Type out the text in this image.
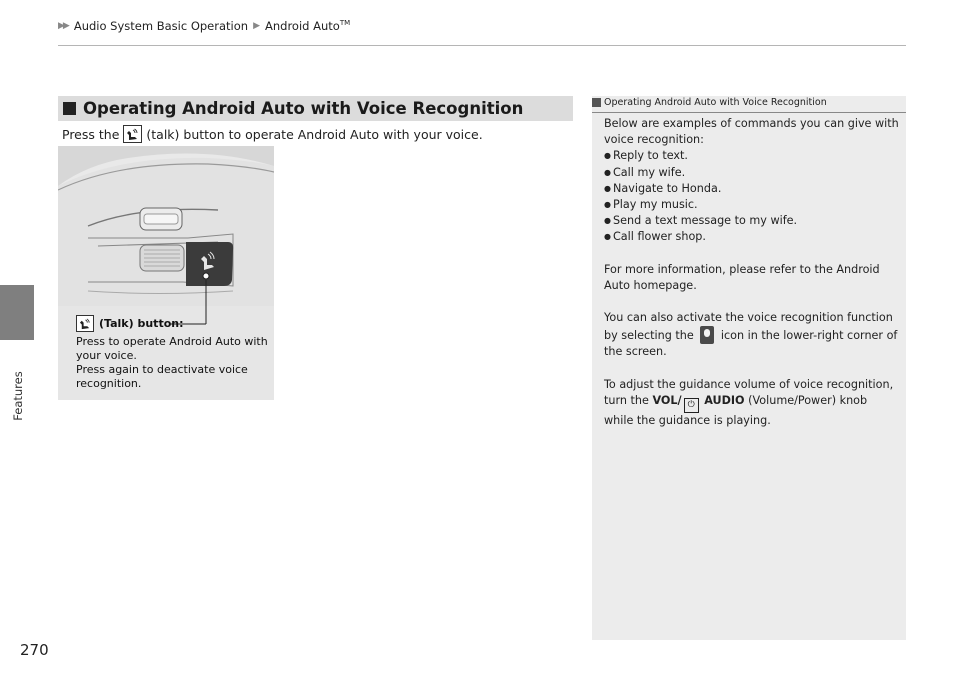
▶▶ Audio System Basic Operation ▶ Android Auto™
Features
270
Operating Android Auto with Voice Recognition
Press the (talk) button to operate Android Auto with your voice.
(Talk) button:

Press to operate Android Auto with your voice.

Press again to deactivate voice recognition.

Operating Android Auto with Voice Recognition

Below are examples of commands you can give with voice recognition:

● Reply to text.
● Call my wife.
● Navigate to Honda.
● Play my music.
● Send a text message to my wife.
● Call flower shop.

For more information, please refer to the Android Auto homepage.

You can also activate the voice recognition function by selecting the icon in the lower-right corner of the screen.

To adjust the guidance volume of voice recognition, turn the VOL/ ⏻ AUDIO (Volume/Power) knob while the guidance is playing.
